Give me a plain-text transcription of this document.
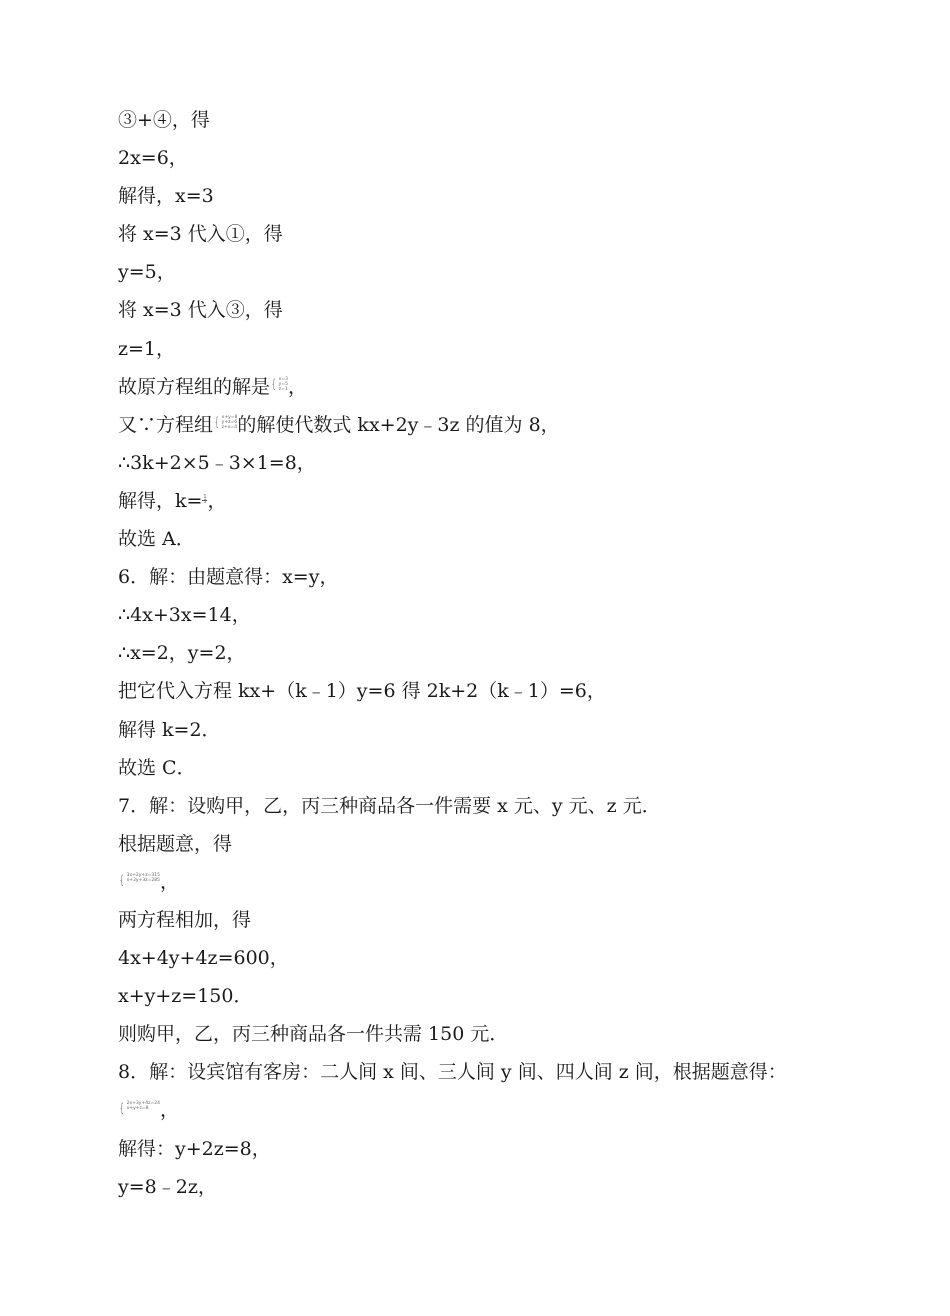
③+④，得
2x=6，
解得，x=3
将 x=3 代入①，得
y=5，
将 x=3 代入③，得
z=1，
故原方程组的解是 { x=3
y=5
z=1 ，
又∵方程组 { x+y=8
y+z=6
z+x=4 的解使代数式 kx+2y﹣3z 的值为 8，
∴3k+2×5﹣3×1=8，
解得，$k= \frac{1}{3}$ ，
故选 A．
6．解：由题意得：x=y，
∴4x+3x=14，
∴x=2，y=2，
把它代入方程 kx+（k﹣1）y=6 得 2k+2（k﹣1）=6，
解得 k=2．
故选 C．
7．解：设购甲，乙，丙三种商品各一件需要 x 元、y 元、z 元．
根据题意，得
{ 3x+2y+z=315
x+2y+3z=285 ，
两方程相加，得
4x+4y+4z=600，
x+y+z=150．
则购甲，乙，丙三种商品各一件共需 150 元．
8．解：设宾馆有客房：二人间 x 间、三人间 y 间、四人间 z 间，根据题意得：
{ 2x+3y+4z=24
x+y+z=8 ，
解得：y+2z=8，
y=8﹣2z，
